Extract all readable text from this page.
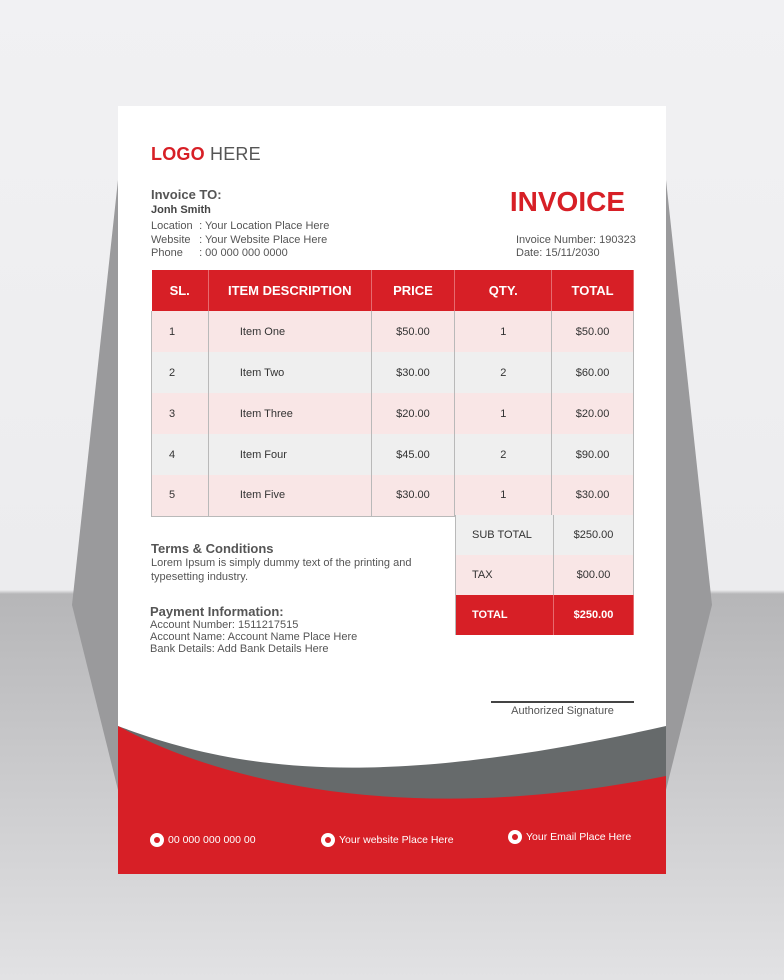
LOGO HERE
Invoice TO:
Jonh Smith
Location : Your Location Place Here
Website : Your Website Place Here
Phone : 00 000 000 0000
INVOICE
Invoice Number: 190323
Date: 15/11/2030
SL.	ITEM DESCRIPTION	PRICE	QTY.	TOTAL
1	Item One	$50.00	1	$50.00
2	Item Two	$30.00	2	$60.00
3	Item Three	$20.00	1	$20.00
4	Item Four	$45.00	2	$90.00
5	Item Five	$30.00	1	$30.00
SUB TOTAL	$250.00
TAX	$00.00
TOTAL	$250.00
Terms & Conditions
Lorem Ipsum is simply dummy text of the printing and typesetting industry.
Payment Information:
Account Number: 1511217515
Account Name: Account Name Place Here
Bank Details: Add Bank Details Here
Authorized Signature
00 000 000 000 00	Your website Place Here	Your Email Place Here
